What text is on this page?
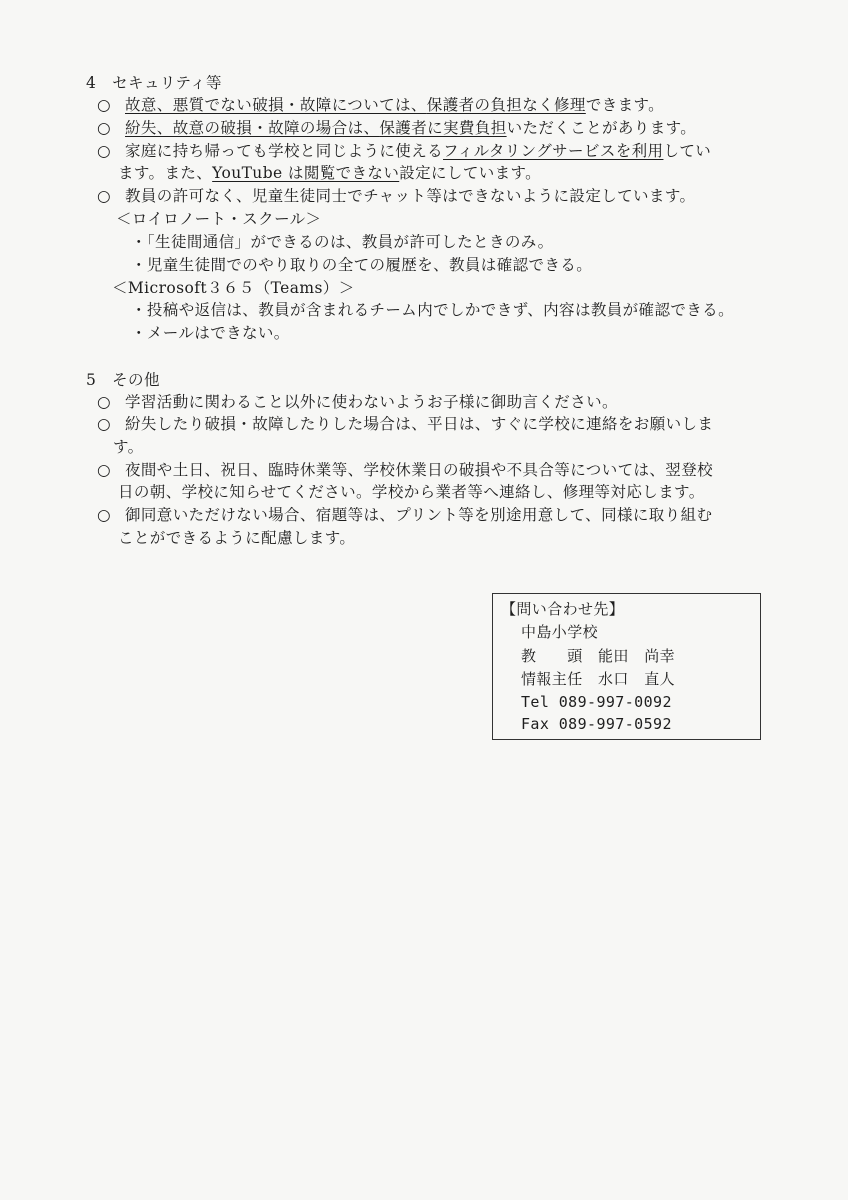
4　セキュリティ等
○ 故意、悪質でない破損・故障については、保護者の負担なく修理できます。
○ 紛失、故意の破損・故障の場合は、保護者に実費負担いただくことがあります。
○ 家庭に持ち帰っても学校と同じように使えるフィルタリングサービスを利用してい
ます。また、YouTube は閲覧できない設定にしています。
○ 教員の許可なく、児童生徒同士でチャット等はできないように設定しています。
＜ロイロノート・スクール＞
・「生徒間通信」ができるのは、教員が許可したときのみ。
・児童生徒間でのやり取りの全ての履歴を、教員は確認できる。
＜Microsoft３６５（Teams）＞
・投稿や返信は、教員が含まれるチーム内でしかできず、内容は教員が確認できる。
・メールはできない。
5　その他
○ 学習活動に関わること以外に使わないようお子様に御助言ください。
○ 紛失したり破損・故障したりした場合は、平日は、すぐに学校に連絡をお願いしま
す。
○ 夜間や土日、祝日、臨時休業等、学校休業日の破損や不具合等については、翌登校
日の朝、学校に知らせてください。学校から業者等へ連絡し、修理等対応します。
○ 御同意いただけない場合、宿題等は、プリント等を別途用意して、同様に取り組む
ことができるように配慮します。
【問い合わせ先】
中島小学校
教　　頭　能田　尚幸
情報主任　水口　直人
Tel 089-997-0092
Fax 089-997-0592
